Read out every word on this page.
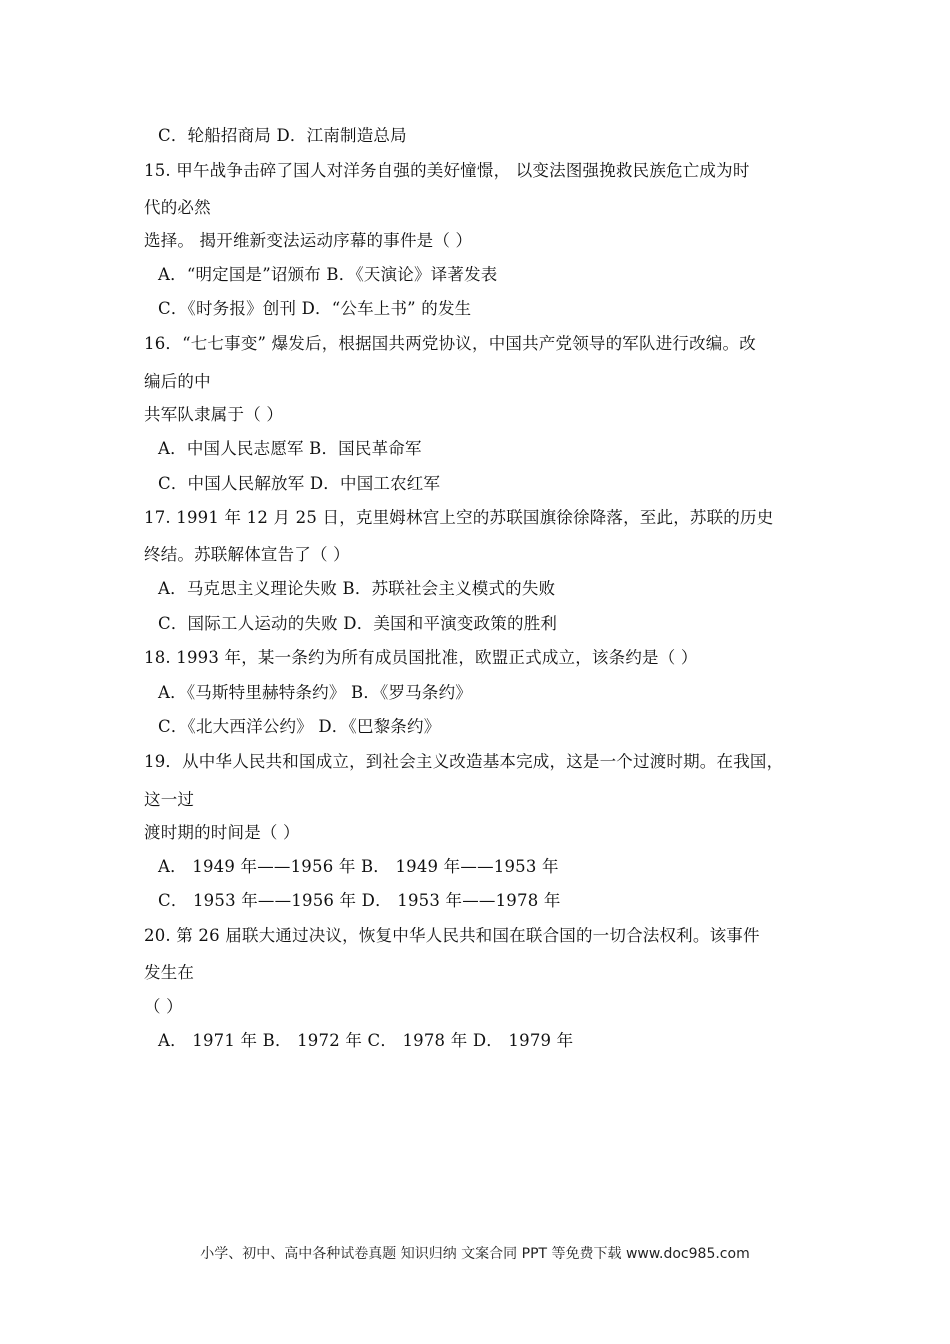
C．轮船招商局 D．江南制造总局
15. 甲午战争击碎了国人对洋务自强的美好憧憬， 以变法图强挽救民族危亡成为时
代的必然
选择。 揭开维新变法运动序幕的事件是（ ）
A．“明定国是”诏颁布 B．《天演论》译著发表
C．《时务报》创刊 D．“公车上书” 的发生
16．“七七事变” 爆发后，根据国共两党协议，中国共产党领导的军队进行改编。改
编后的中
共军队隶属于（ ）
A．中国人民志愿军 B．国民革命军
C．中国人民解放军 D．中国工农红军
17. 1991 年 12 月 25 日，克里姆林宫上空的苏联国旗徐徐降落，至此，苏联的历史
终结。苏联解体宣告了（ ）
A．马克思主义理论失败 B．苏联社会主义模式的失败
C．国际工人运动的失败 D．美国和平演变政策的胜利
18. 1993 年，某一条约为所有成员国批准，欧盟正式成立，该条约是（ ）
A．《马斯特里赫特条约》 B．《罗马条约》
C．《北大西洋公约》 D．《巴黎条约》
19．从中华人民共和国成立，到社会主义改造基本完成，这是一个过渡时期。在我国，
这一过
渡时期的时间是（ ）
A． 1949 年——1956 年 B． 1949 年——1953 年
C． 1953 年——1956 年 D． 1953 年——1978 年
20. 第 26 届联大通过决议，恢复中华人民共和国在联合国的一切合法权利。该事件
发生在
（ ）
A． 1971 年 B． 1972 年 C． 1978 年 D． 1979 年
小学、初中、高中各种试卷真题 知识归纳 文案合同 PPT 等免费下载 www.doc985.com
